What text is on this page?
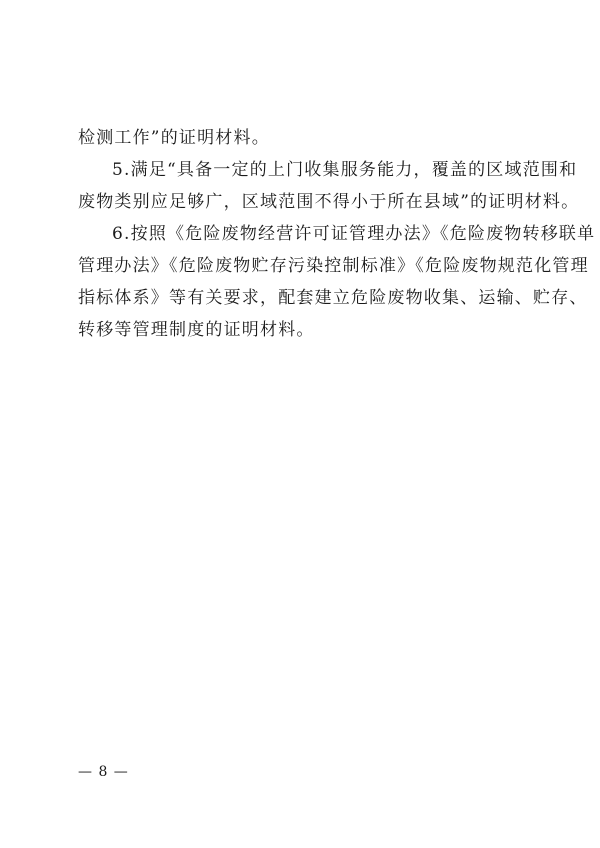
检测工作”的证明材料。
5.满足“具备一定的上门收集服务能力，覆盖的区域范围和
废物类别应足够广，区域范围不得小于所在县域”的证明材料。
6.按照《危险废物经营许可证管理办法》《危险废物转移联单
管理办法》《危险废物贮存污染控制标准》《危险废物规范化管理
指标体系》等有关要求，配套建立危险废物收集、运输、贮存、
转移等管理制度的证明材料。
— 8 —
